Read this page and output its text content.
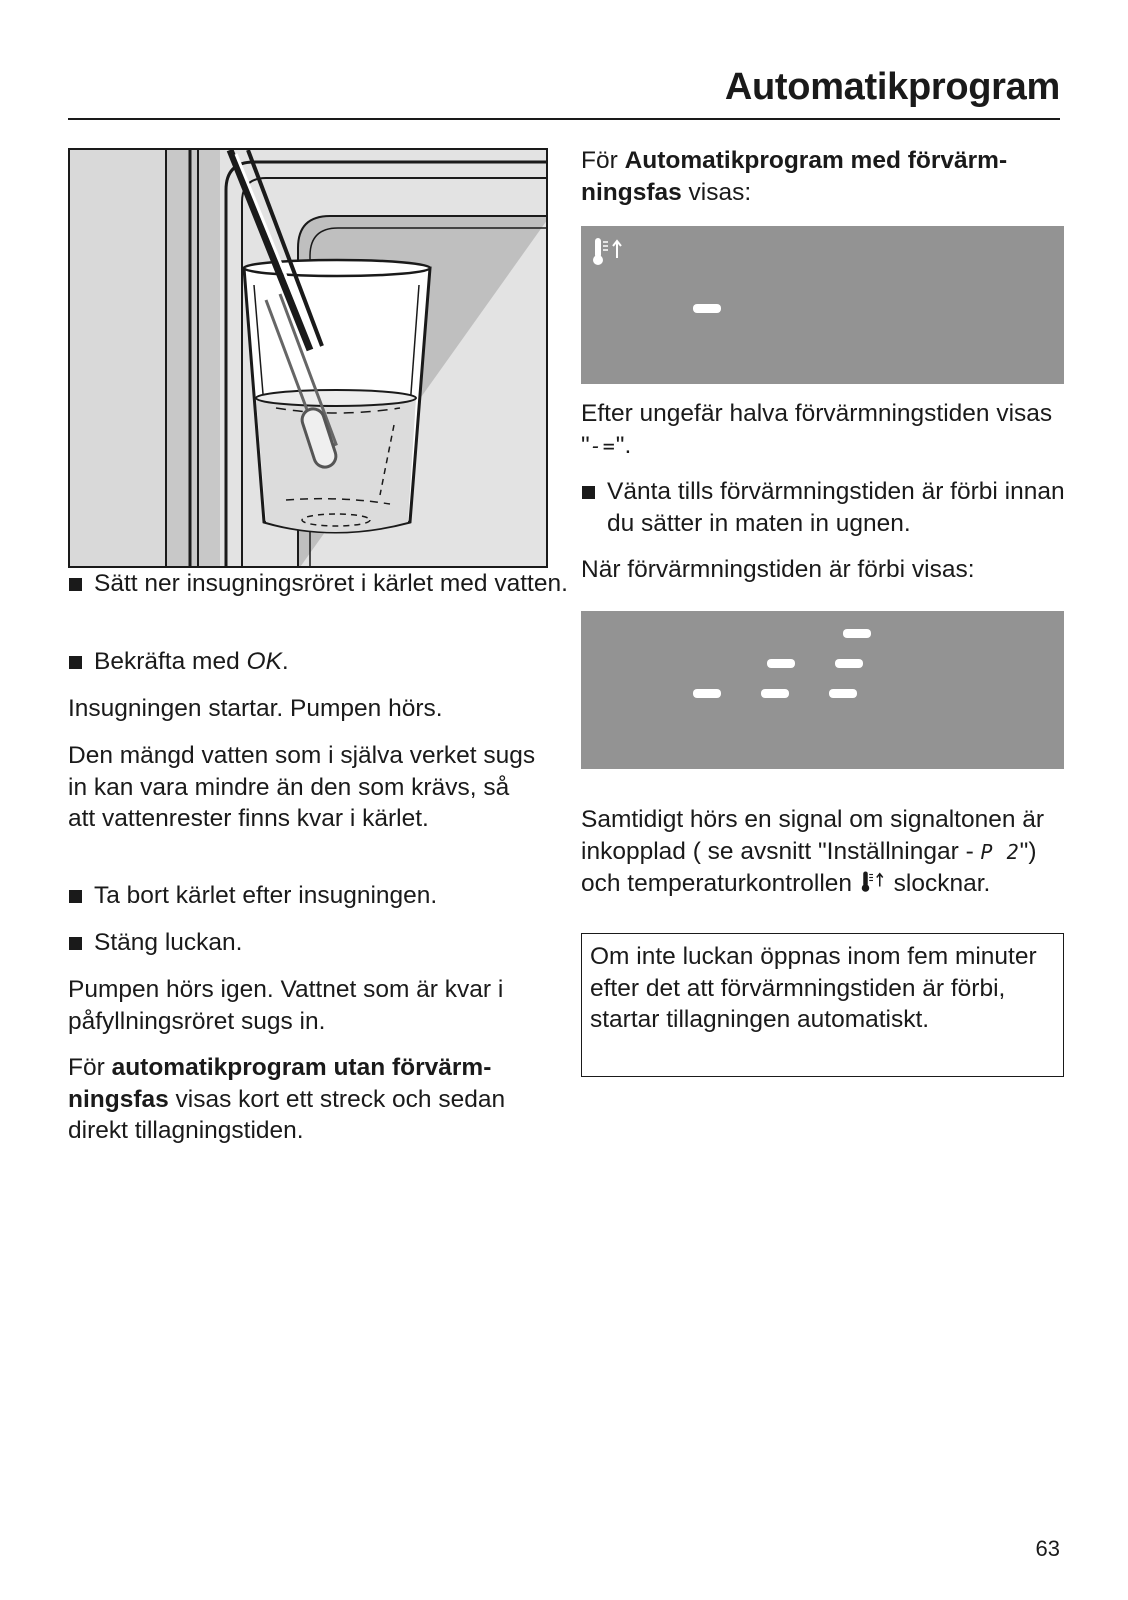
Automatikprogram

Sätt ner insugningsröret i kärlet med vatten.

Bekräfta med OK.

Insugningen startar. Pumpen hörs.

Den mängd vatten som i själva verket sugs in kan vara mindre än den som krävs, så att vattenrester finns kvar i kärlet.

Ta bort kärlet efter insugningen.

Stäng luckan.

Pumpen hörs igen. Vattnet som är kvar i påfyllningsröret sugs in.

För automatikprogram utan förvärmningsfas visas kort ett streck och sedan direkt tillagningstiden.

För Automatikprogram med förvärmningsfas visas:

Efter ungefär halva förvärmningstiden visas "-=".

Vänta tills förvärmningstiden är förbi innan du sätter in maten in ugnen.

När förvärmningstiden är förbi visas:

Samtidigt hörs en signal om signaltonen är inkopplad ( se avsnitt "Inställningar - P 2") och temperaturkontrollen  slocknar.

Om inte luckan öppnas inom fem minuter efter det att förvärmningstiden är förbi, startar tillagningen automatiskt.

63
